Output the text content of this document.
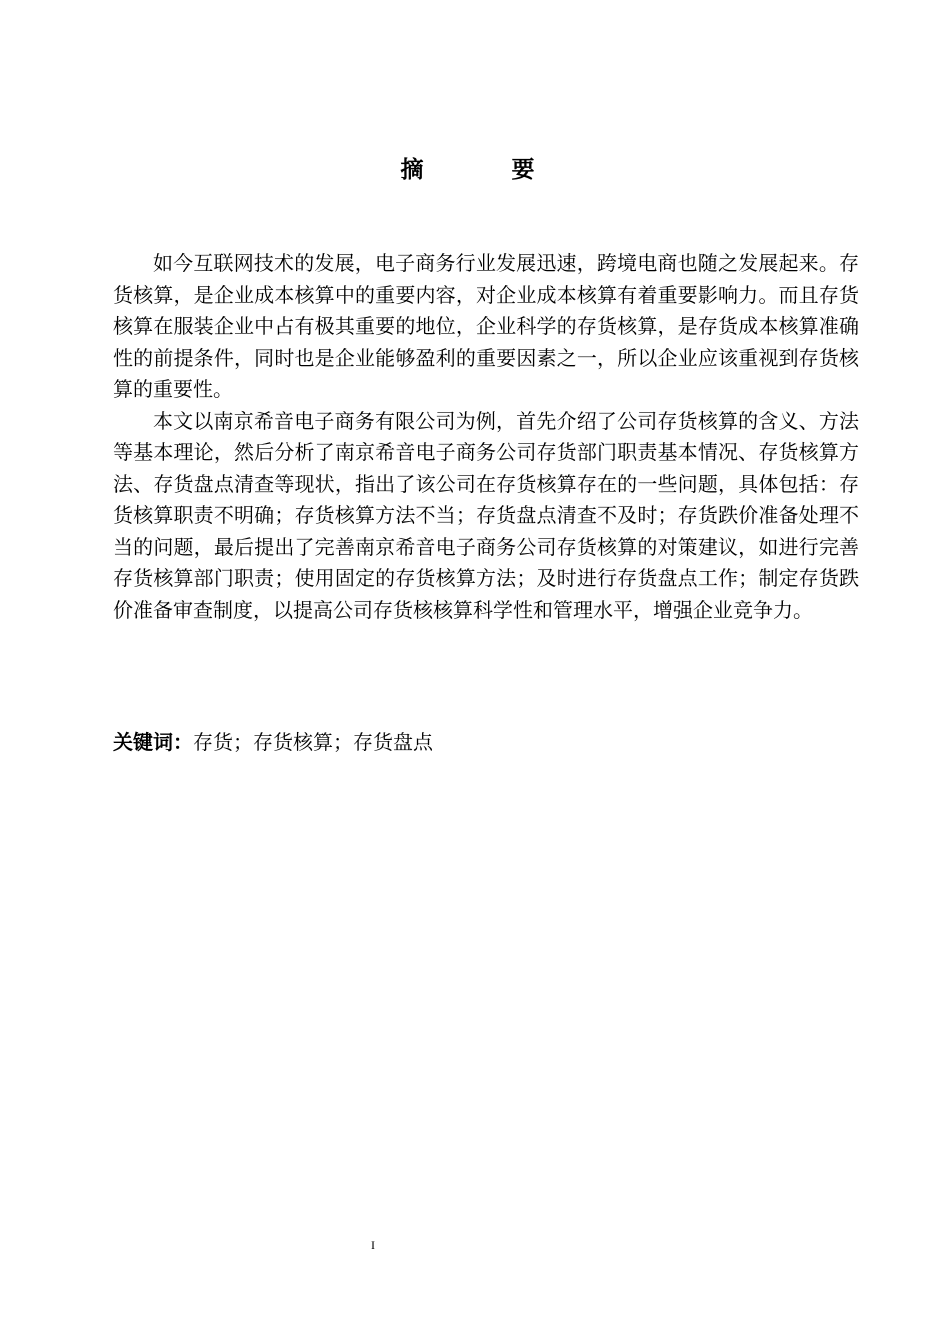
摘 要

如今互联网技术的发展，电子商务行业发展迅速，跨境电商也随之发展起来。存货核算，是企业成本核算中的重要内容，对企业成本核算有着重要影响力。而且存货核算在服装企业中占有极其重要的地位，企业科学的存货核算，是存货成本核算准确性的前提条件，同时也是企业能够盈利的重要因素之一，所以企业应该重视到存货核算的重要性。

本文以南京希音电子商务有限公司为例，首先介绍了公司存货核算的含义、方法等基本理论，然后分析了南京希音电子商务公司存货部门职责基本情况、存货核算方法、存货盘点清查等现状，指出了该公司在存货核算存在的一些问题，具体包括：存货核算职责不明确；存货核算方法不当；存货盘点清查不及时；存货跌价准备处理不当的问题，最后提出了完善南京希音电子商务公司存货核算的对策建议，如进行完善存货核算部门职责；使用固定的存货核算方法；及时进行存货盘点工作；制定存货跌价准备审查制度，以提高公司存货核核算科学性和管理水平，增强企业竞争力。

关键词：存货；存货核算；存货盘点
I
